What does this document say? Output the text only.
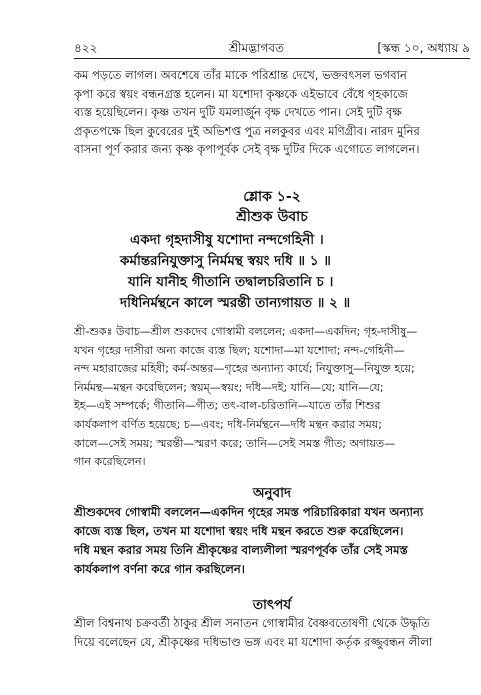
৪২২	শ্রীমদ্ভাগবত	[স্কন্ধ ১০, অধ্যায় ৯
কম পড়তে লাগল। অবশেষে তাঁর মাকে পরিশ্রান্ত দেখে, ভক্তবৎসল ভগবান
কৃপা করে স্বয়ং বন্ধনগ্রস্ত হলেন। মা যশোদা কৃষ্ণকে এইভাবে বেঁধে গৃহকাজে
ব্যস্ত হয়েছিলেন। কৃষ্ণ তখন দুটি যমলার্জুন বৃক্ষ দেখতে পান। সেই দুটি বৃক্ষ
প্রকৃতপক্ষে ছিল কুবেরের দুই অভিশপ্ত পুত্র নলকুবর এবং মণিগ্রীব। নারদ মুনির
বাসনা পূর্ণ করার জন্য কৃষ্ণ কৃপাপূর্বক সেই বৃক্ষ দুটির দিকে এগোতে লাগলেন।
শ্লোক ১-২
শ্রীশুক উবাচ
একদা গৃহদাসীষু যশোদা নন্দগেহিনী ।
কর্মান্তরনিযুক্তাসু নির্মমন্থ স্বয়ং দধি ॥ ১ ॥
যানি যানীহ গীতানি তদ্বালচরিতানি চ ।
দধিনির্মন্থনে কালে স্মরন্তী তান্যগায়ত ॥ ২ ॥
শ্রী-শুকঃ উবাচ—শ্রীল শুকদেব গোস্বামী বললেন; একদা—একদিন; গৃহ-দাসীষু—
যখন গৃহের দাসীরা অন্য কাজে ব্যস্ত ছিল; যশোদা—মা যশোদা; নন্দ-গেহিনী—
নন্দ মহারাজের মহিষী; কর্ম-অন্তর—গৃহের অন্যান্য কার্যে; নিযুক্তাসু—নিযুক্ত হয়ে;
নির্মমন্থ—মন্থন করেছিলেন; স্বয়ম্—স্বয়ং; দধি—দই; যানি—যে; যানি—যে;
ইহ—এই সম্পর্কে; গীতানি—গীত; তৎ-বাল-চরিতানি—যাতে তাঁর শিশুর
কার্যকলাপ বর্ণিত হয়েছে; চ—এবং; দধি-নির্মন্থনে—দধি মন্থন করার সময়;
কালে—সেই সময়; স্মরন্তী—স্মরণ করে; তানি—সেই সমস্ত গীত; অগায়ত—
গান করেছিলেন।
অনুবাদ
শ্রীশুকদেব গোস্বামী বললেন—একদিন গৃহের সমস্ত পরিচারিকারা যখন অন্যান্য
কাজে ব্যস্ত ছিল, তখন মা যশোদা স্বয়ং দধি মন্থন করতে শুরু করেছিলেন।
দধি মন্থন করার সময় তিনি শ্রীকৃষ্ণের বাল্যলীলা স্মরণপূর্বক তাঁর সেই সমস্ত
কার্যকলাপ বর্ণনা করে গান করছিলেন।
তাৎপর্য
শ্রীল বিশ্বনাথ চক্রবর্তী ঠাকুর শ্রীল সনাতন গোস্বামীর বৈষ্ণবতোষণী থেকে উদ্ধৃতি
দিয়ে বলেছেন যে, শ্রীকৃষ্ণের দধিভাণ্ড ভঙ্গ এবং মা যশোদা কর্তৃক রজ্জুবন্ধন লীলা
